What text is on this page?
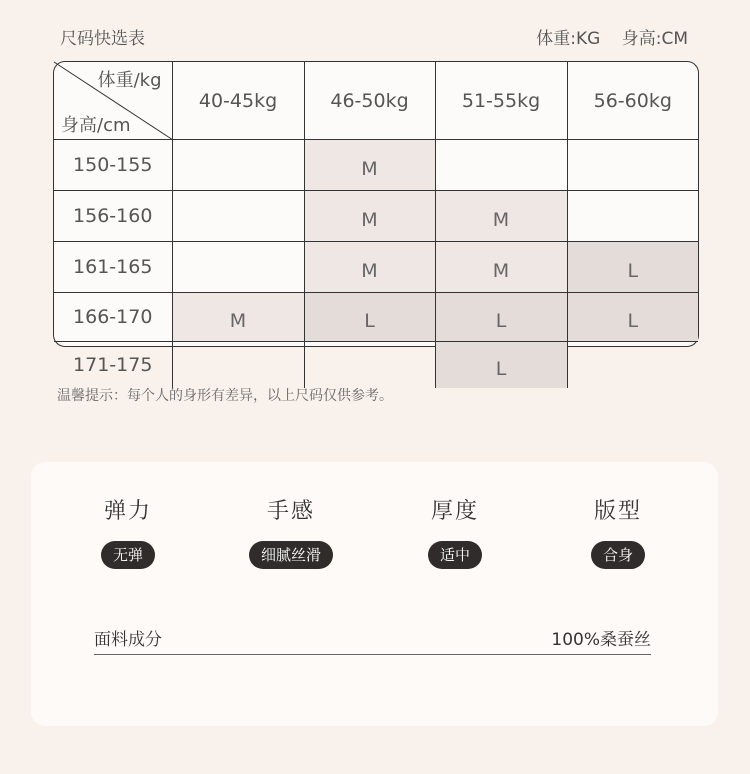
尺码快选表	体重:KG 身高:CM
体重/kg
身高/cm	40-45kg	46-50kg	51-55kg	56-60kg
150-155		M		
156-160		M	M	
161-165		M	M	L
166-170	M	L	L	L
171-175			L	
温馨提示：每个人的身形有差异，以上尺码仅供参考。
弹力
无弹
手感
细腻丝滑
厚度
适中
版型
合身
面料成分	100%桑蚕丝
